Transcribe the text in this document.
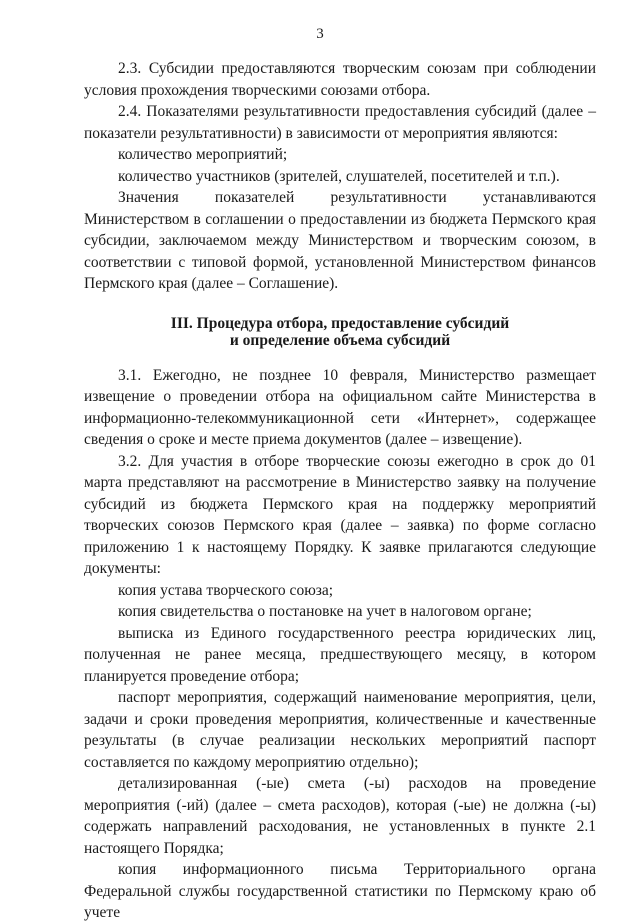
3

2.3. Субсидии предоставляются творческим союзам при соблюдении условия прохождения творческими союзами отбора.

2.4. Показателями результативности предоставления субсидий (далее – показатели результативности) в зависимости от мероприятия являются:

количество мероприятий;

количество участников (зрителей, слушателей, посетителей и т.п.).

Значения показателей результативности устанавливаются Министерством в соглашении о предоставлении из бюджета Пермского края субсидии, заключаемом между Министерством и творческим союзом, в соответствии с типовой формой, установленной Министерством финансов Пермского края (далее – Соглашение).

III. Процедура отбора, предоставление субсидий
и определение объема субсидий

3.1. Ежегодно, не позднее 10 февраля, Министерство размещает извещение о проведении отбора на официальном сайте Министерства в информационно-телекоммуникационной сети «Интернет», содержащее сведения о сроке и месте приема документов (далее – извещение).

3.2. Для участия в отборе творческие союзы ежегодно в срок до 01 марта представляют на рассмотрение в Министерство заявку на получение субсидий из бюджета Пермского края на поддержку мероприятий творческих союзов Пермского края (далее – заявка) по форме согласно приложению 1 к настоящему Порядку. К заявке прилагаются следующие документы:

копия устава творческого союза;

копия свидетельства о постановке на учет в налоговом органе;

выписка из Единого государственного реестра юридических лиц, полученная не ранее месяца, предшествующего месяцу, в котором планируется проведение отбора;

паспорт мероприятия, содержащий наименование мероприятия, цели, задачи и сроки проведения мероприятия, количественные и качественные результаты (в случае реализации нескольких мероприятий паспорт составляется по каждому мероприятию отдельно);

детализированная (-ые) смета (-ы) расходов на проведение мероприятия (-ий) (далее – смета расходов), которая (-ые) не должна (-ы) содержать направлений расходования, не установленных в пункте 2.1 настоящего Порядка;

копия информационного письма Территориального органа Федеральной службы государственной статистики по Пермскому краю об учете
